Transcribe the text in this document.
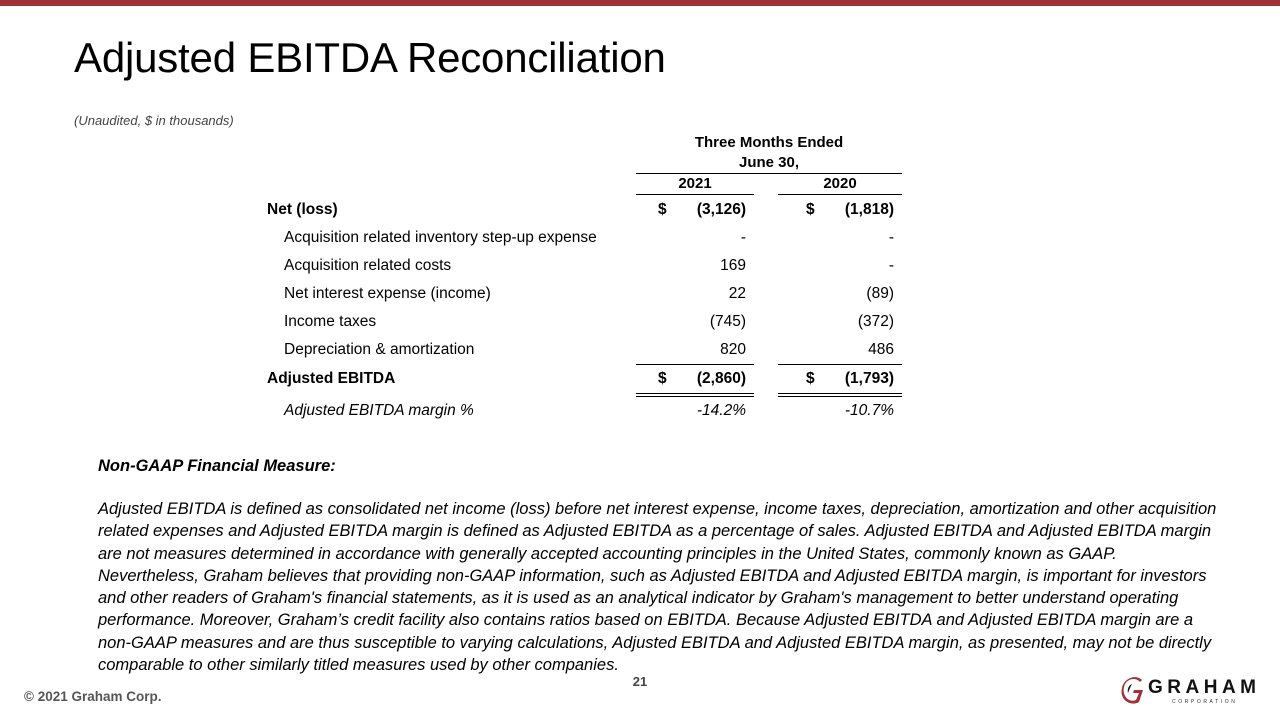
Adjusted EBITDA Reconciliation
(Unaudited, $ in thousands)
Three Months Ended
June 30,
2021	2020
Net (loss)	$	(3,126)	$	(1,818)
Acquisition related inventory step-up expense	-	-
Acquisition related costs	169	-
Net interest expense (income)	22	(89)
Income taxes	(745)	(372)
Depreciation & amortization	820	486
Adjusted EBITDA	$	(2,860)	$	(1,793)
Adjusted EBITDA margin %	-14.2%	-10.7%
Non-GAAP Financial Measure:
Adjusted EBITDA is defined as consolidated net income (loss) before net interest expense, income taxes, depreciation, amortization and other acquisition related expenses and Adjusted EBITDA margin is defined as Adjusted EBITDA as a percentage of sales. Adjusted EBITDA and Adjusted EBITDA margin are not measures determined in accordance with generally accepted accounting principles in the United States, commonly known as GAAP. Nevertheless, Graham believes that providing non-GAAP information, such as Adjusted EBITDA and Adjusted EBITDA margin, is important for investors and other readers of Graham's financial statements, as it is used as an analytical indicator by Graham's management to better understand operating performance. Moreover, Graham’s credit facility also contains ratios based on EBITDA. Because Adjusted EBITDA and Adjusted EBITDA margin are a non-GAAP measures and are thus susceptible to varying calculations, Adjusted EBITDA and Adjusted EBITDA margin, as presented, may not be directly comparable to other similarly titled measures used by other companies.
21
© 2021 Graham Corp.	GRAHAM
CORPORATION
